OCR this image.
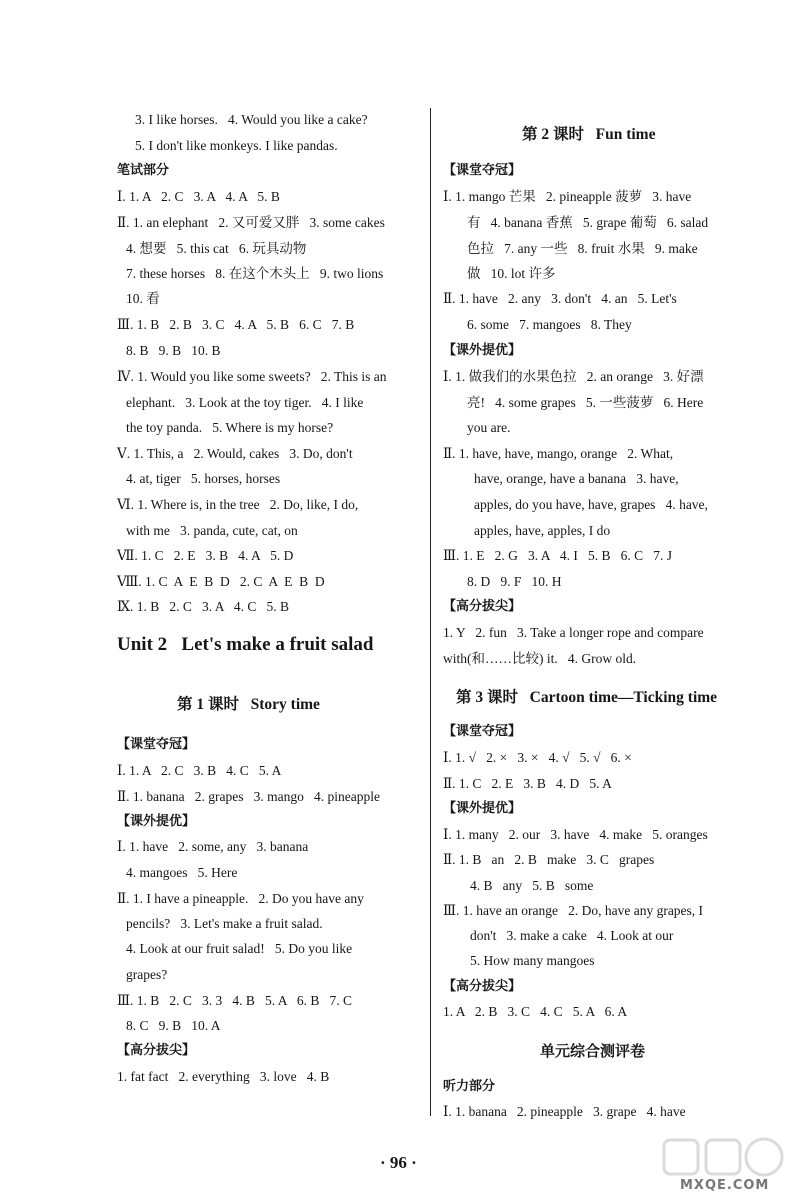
3. I like horses.   4. Would you like a cake?
5. I don't like monkeys. I like pandas.
笔试部分
Ⅰ. 1. A   2. C   3. A   4. A   5. B
Ⅱ. 1. an elephant   2. 又可爱又胖   3. some cakes
4. 想要   5. this cat   6. 玩具动物
7. these horses   8. 在这个木头上   9. two lions
10. 看
Ⅲ. 1. B   2. B   3. C   4. A   5. B   6. C   7. B
8. B   9. B   10. B
Ⅳ. 1. Would you like some sweets?   2. This is an
elephant.   3. Look at the toy tiger.   4. I like
the toy panda.   5. Where is my horse?
Ⅴ. 1. This, a   2. Would, cakes   3. Do, don't
4. at, tiger   5. horses, horses
Ⅵ. 1. Where is, in the tree   2. Do, like, I do,
with me   3. panda, cute, cat, on
Ⅶ. 1. C   2. E   3. B   4. A   5. D
Ⅷ. 1. C  A  E  B  D   2. C  A  E  B  D
Ⅸ. 1. B   2. C   3. A   4. C   5. B
Unit 2   Let's make a fruit salad
第 1 课时   Story time
【课堂夺冠】
Ⅰ. 1. A   2. C   3. B   4. C   5. A
Ⅱ. 1. banana   2. grapes   3. mango   4. pineapple
【课外提优】
Ⅰ. 1. have   2. some, any   3. banana
4. mangoes   5. Here
Ⅱ. 1. I have a pineapple.   2. Do you have any
pencils?   3. Let's make a fruit salad.
4. Look at our fruit salad!   5. Do you like
grapes?
Ⅲ. 1. B   2. C   3. 3   4. B   5. A   6. B   7. C
8. C   9. B   10. A
【高分拔尖】
1. fat fact   2. everything   3. love   4. B
第 2 课时   Fun time
【课堂夺冠】
Ⅰ. 1. mango 芒果   2. pineapple 菠萝   3. have
有   4. banana 香蕉   5. grape 葡萄   6. salad
色拉   7. any 一些   8. fruit 水果   9. make
做   10. lot 许多
Ⅱ. 1. have   2. any   3. don't   4. an   5. Let's
6. some   7. mangoes   8. They
【课外提优】
Ⅰ. 1. 做我们的水果色拉   2. an orange   3. 好漂
亮!   4. some grapes   5. 一些菠萝   6. Here
you are.
Ⅱ. 1. have, have, mango, orange   2. What,
have, orange, have a banana   3. have,
apples, do you have, have, grapes   4. have,
apples, have, apples, I do
Ⅲ. 1. E   2. G   3. A   4. I   5. B   6. C   7. J
8. D   9. F   10. H
【高分拔尖】
1. Y   2. fun   3. Take a longer rope and compare
with(和……比较) it.   4. Grow old.
第 3 课时   Cartoon time—Ticking time
【课堂夺冠】
Ⅰ. 1. √   2. ×   3. ×   4. √   5. √   6. ×
Ⅱ. 1. C   2. E   3. B   4. D   5. A
【课外提优】
Ⅰ. 1. many   2. our   3. have   4. make   5. oranges
Ⅱ. 1. B   an   2. B   make   3. C   grapes
4. B   any   5. B   some
Ⅲ. 1. have an orange   2. Do, have any grapes, I
don't   3. make a cake   4. Look at our
5. How many mangoes
【高分拔尖】
1. A   2. B   3. C   4. C   5. A   6. A
单元综合测评卷
听力部分
Ⅰ. 1. banana   2. pineapple   3. grape   4. have
· 96 ·
MXQE.COM
